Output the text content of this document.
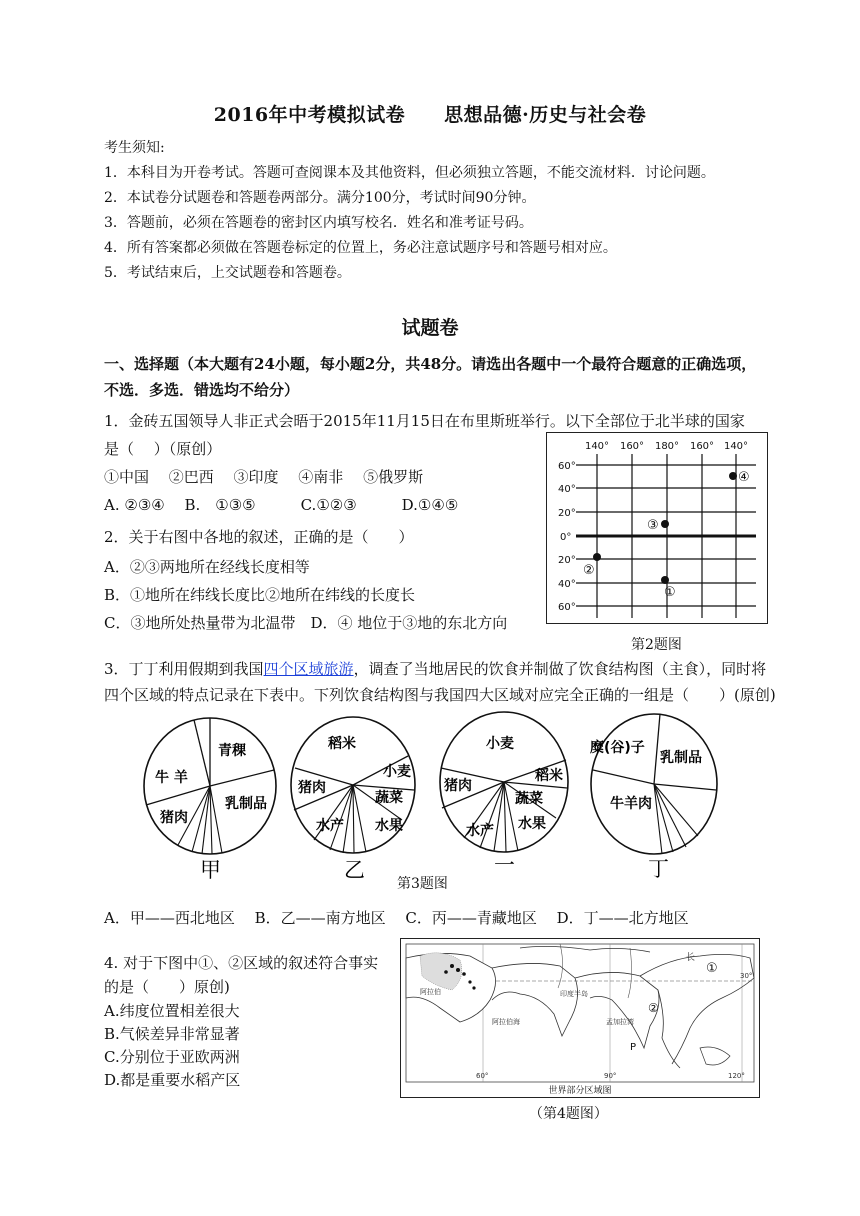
2016年中考模拟试卷　　思想品德·历史与社会卷
考生须知:
1．本科目为开卷考试。答题可查阅课本及其他资料，但必须独立答题，不能交流材料．讨论问题。
2．本试卷分试题卷和答题卷两部分。满分100分，考试时间90分钟。
3．答题前，必须在答题卷的密封区内填写校名．姓名和准考证号码。
4．所有答案都必须做在答题卷标定的位置上，务必注意试题序号和答题号相对应。
5．考试结束后，上交试题卷和答题卷。
试题卷
一、选择题（本大题有24小题，每小题2分，共48分。请选出各题中一个最符合题意的正确选项，
不选．多选．错选均不给分）
1．金砖五国领导人非正式会晤于2015年11月15日在布里斯班举行。以下全部位于北半球的国家
是（　 ）（原创）
①中国　 ②巴西　 ③印度　 ④南非　 ⑤俄罗斯
A. ②③④　 B.　①③⑤　　　C.①②③　　　D.①④⑤
2．关于右图中各地的叙述，正确的是（　　）
A．②③两地所在经线长度相等
B．①地所在纬线长度比②地所在纬线的长度长
C．③地所处热量带为北温带　D．④ 地位于③地的东北方向
140° 160° 180° 160° 140°
60°
40°
20°
0°
20°
40°
60°
②
③
①
④
第2题图
3．丁丁利用假期到我国四个区域旅游，调查了当地居民的饮食并制做了饮食结构图（主食），同时将
四个区域的特点记录在下表中。下列饮食结构图与我国四大区域对应完全正确的一组是（　　）(原创)
青稞
牛 羊
猪肉
乳制品
甲
稻米
小麦
猪肉
蔬菜
水产 水果
乙
小麦
稻米
猪肉
蔬菜
水产 水果
一
糜(谷)子
乳制品
牛羊肉
丁
第3题图
A．甲——西北地区　 B．乙——南方地区　 C．丙——青藏地区　 D．丁——北方地区
4. 对于下图中①、②区域的叙述符合事实
的是（　　）原创)
A.纬度位置相差很大
B.气候差异非常显著
C.分别位于亚欧两洲
D.都是重要水稻产区
①
②
印度半岛
孟加拉湾
阿拉伯海
阿拉伯
长
P
60°	90°	120°
30°
世界部分区域图
（第4题图）
